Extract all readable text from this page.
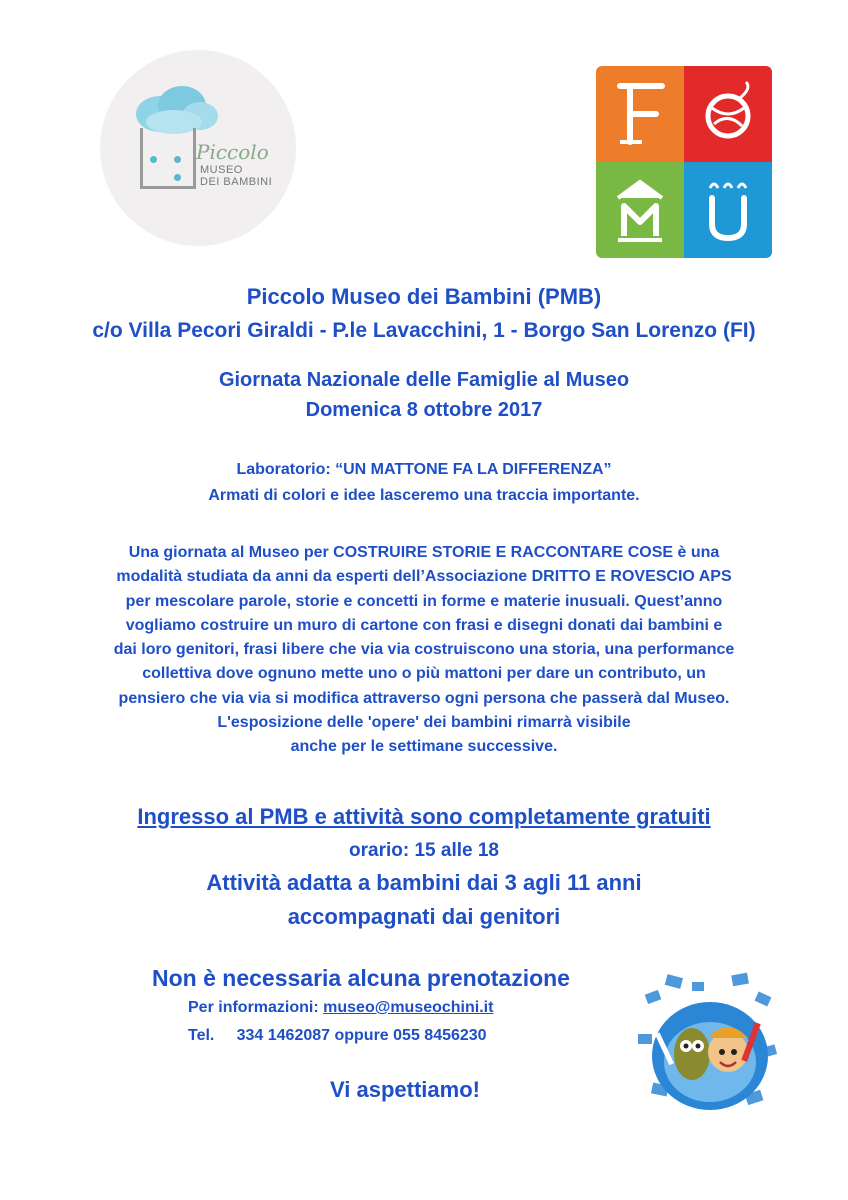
Piccolo
MUSEO
DEI BAMBINI
Piccolo Museo dei Bambini (PMB)
c/o Villa Pecori Giraldi - P.le Lavacchini, 1 - Borgo San Lorenzo (FI)
Giornata Nazionale delle Famiglie al Museo
Domenica 8 ottobre 2017
Laboratorio: “UN MATTONE FA LA DIFFERENZA”
Armati di colori e idee lasceremo una traccia importante.
Una giornata al Museo per COSTRUIRE STORIE E RACCONTARE COSE è una
modalità studiata da anni da esperti dell’Associazione DRITTO E ROVESCIO APS
per mescolare parole, storie e concetti in forme e materie inusuali. Quest’anno
vogliamo costruire un muro di cartone con frasi e disegni donati dai bambini e
dai loro genitori, frasi libere che via via costruiscono una storia, una performance
collettiva dove ognuno mette uno o più mattoni per dare un contributo, un
pensiero che via via si modifica attraverso ogni persona che passerà dal Museo.
L'esposizione delle 'opere' dei bambini rimarrà visibile
anche per le settimane successive.
Ingresso al PMB e attività sono completamente gratuiti
orario: 15 alle 18
Attività adatta a bambini dai 3 agli 11 anni
accompagnati dai genitori
Non è necessaria alcuna prenotazione
Per informazioni: museo@museochini.it
Tel. 334 1462087 oppure 055 8456230
Vi aspettiamo!
